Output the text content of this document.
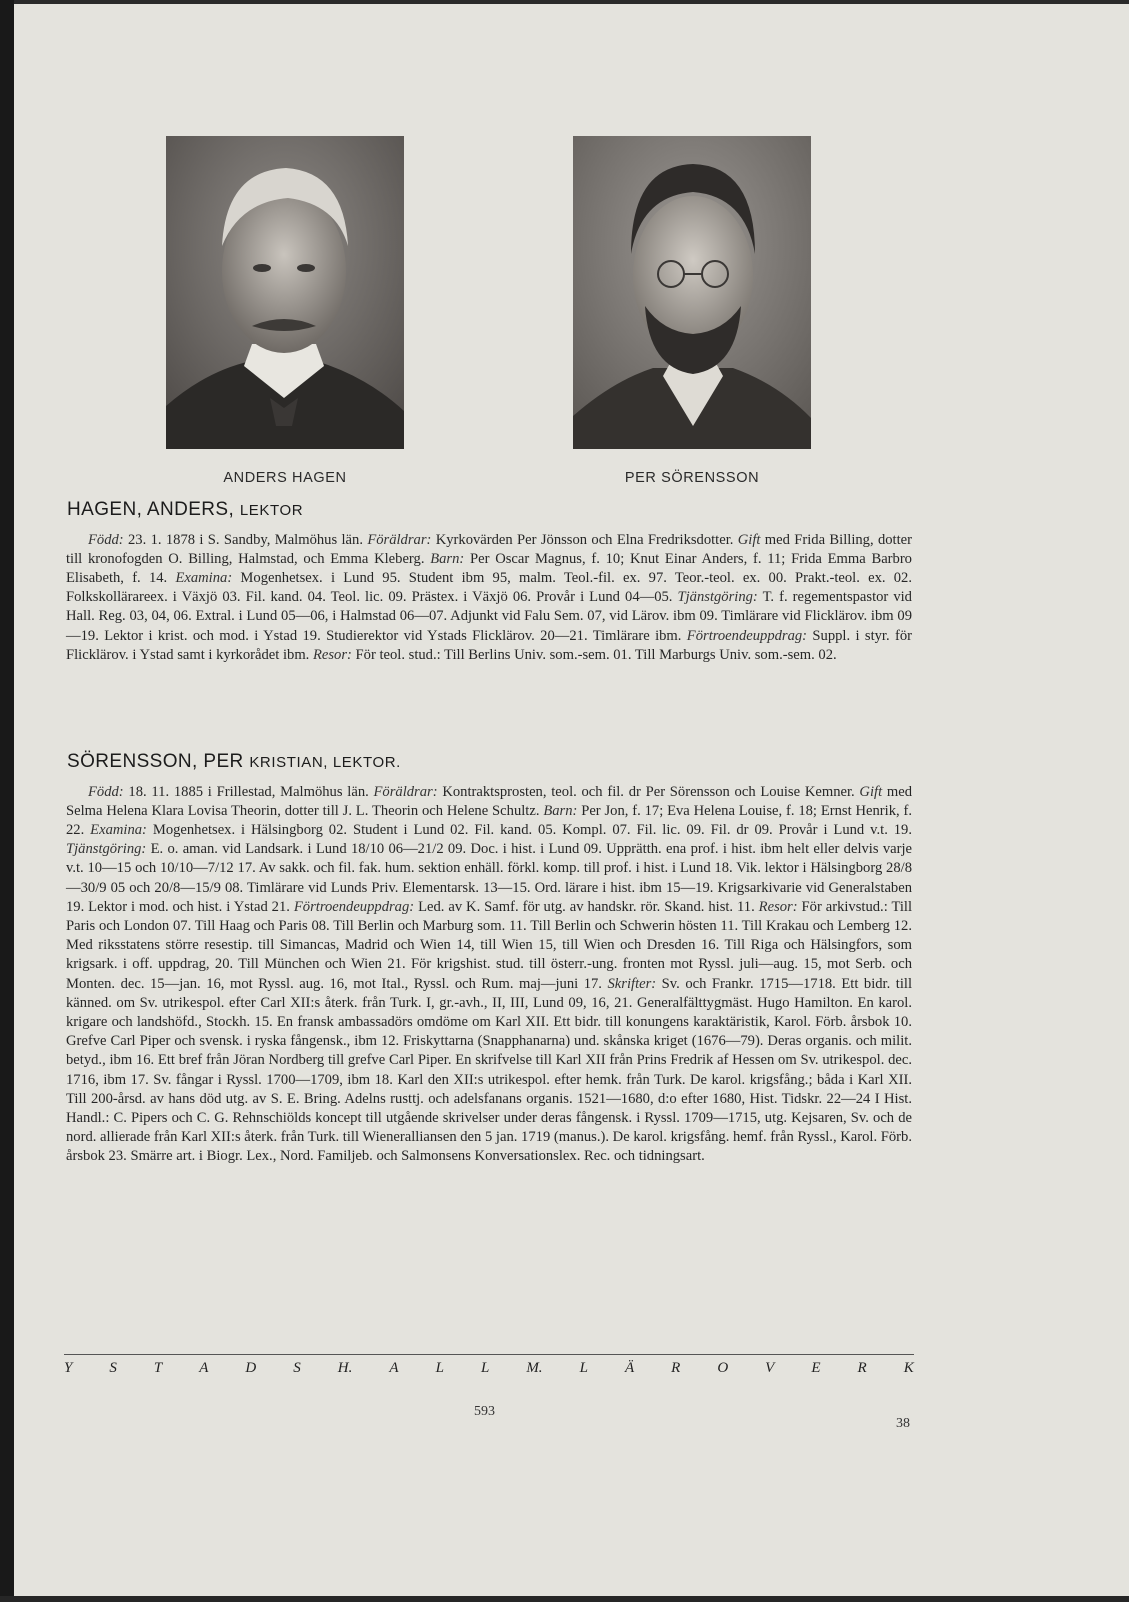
ANDERS HAGEN	PER SÖRENSSON
HAGEN, ANDERS, LEKTOR

Född: 23. 1. 1878 i S. Sandby, Malmöhus län. Föräldrar: Kyrkovärden Per Jönsson och Elna Fredriksdotter. Gift med Frida Billing, dotter till kronofogden O. Billing, Halmstad, och Emma Kleberg. Barn: Per Oscar Magnus, f. 10; Knut Einar Anders, f. 11; Frida Emma Barbro Elisabeth, f. 14. Examina: Mogenhetsex. i Lund 95. Student ibm 95, malm. Teol.-fil. ex. 97. Teor.-teol. ex. 00. Prakt.-teol. ex. 02. Folkskollärareex. i Växjö 03. Fil. kand. 04. Teol. lic. 09. Prästex. i Växjö 06. Provår i Lund 04—05. Tjänstgöring: T. f. regementspastor vid Hall. Reg. 03, 04, 06. Extral. i Lund 05—06, i Halmstad 06—07. Adjunkt vid Falu Sem. 07, vid Lärov. ibm 09. Timlärare vid Flicklärov. ibm 09—19. Lektor i krist. och mod. i Ystad 19. Studierektor vid Ystads Flicklärov. 20—21. Timlärare ibm. Förtroendeuppdrag: Suppl. i styr. för Flicklärov. i Ystad samt i kyrkorådet ibm. Resor: För teol. stud.: Till Berlins Univ. som.-sem. 01. Till Marburgs Univ. som.-sem. 02.

SÖRENSSON, PER KRISTIAN, LEKTOR.

Född: 18. 11. 1885 i Frillestad, Malmöhus län. Föräldrar: Kontraktsprosten, teol. och fil. dr Per Sörensson och Louise Kemner. Gift med Selma Helena Klara Lovisa Theorin, dotter till J. L. Theorin och Helene Schultz. Barn: Per Jon, f. 17; Eva Helena Louise, f. 18; Ernst Henrik, f. 22. Examina: Mogenhetsex. i Hälsingborg 02. Student i Lund 02. Fil. kand. 05. Kompl. 07. Fil. lic. 09. Fil. dr 09. Provår i Lund v.t. 19. Tjänstgöring: E. o. aman. vid Landsark. i Lund 18/10 06—21/2 09. Doc. i hist. i Lund 09. Upprätth. ena prof. i hist. ibm helt eller delvis varje v.t. 10—15 och 10/10—7/12 17. Av sakk. och fil. fak. hum. sektion enhäll. förkl. komp. till prof. i hist. i Lund 18. Vik. lektor i Hälsingborg 28/8—30/9 05 och 20/8—15/9 08. Timlärare vid Lunds Priv. Elementarsk. 13—15. Ord. lärare i hist. ibm 15—19. Krigsarkivarie vid Generalstaben 19. Lektor i mod. och hist. i Ystad 21. Förtroendeuppdrag: Led. av K. Samf. för utg. av handskr. rör. Skand. hist. 11. Resor: För arkivstud.: Till Paris och London 07. Till Haag och Paris 08. Till Berlin och Marburg som. 11. Till Berlin och Schwerin hösten 11. Till Krakau och Lemberg 12. Med riksstatens större resestip. till Simancas, Madrid och Wien 14, till Wien 15, till Wien och Dresden 16. Till Riga och Hälsingfors, som krigsark. i off. uppdrag, 20. Till München och Wien 21. För krigshist. stud. till österr.-ung. fronten mot Ryssl. juli—aug. 15, mot Serb. och Monten. dec. 15—jan. 16, mot Ryssl. aug. 16, mot Ital., Ryssl. och Rum. maj—juni 17. Skrifter: Sv. och Frankr. 1715—1718. Ett bidr. till känned. om Sv. utrikespol. efter Carl XII:s återk. från Turk. I, gr.-avh., II, III, Lund 09, 16, 21. Generalfälttygmäst. Hugo Hamilton. En karol. krigare och landshöfd., Stockh. 15. En fransk ambassadörs omdöme om Karl XII. Ett bidr. till konungens karaktäristik, Karol. Förb. årsbok 10. Grefve Carl Piper och svensk. i ryska fångensk., ibm 12. Friskyttarna (Snapphanarna) und. skånska kriget (1676—79). Deras organis. och milit. betyd., ibm 16. Ett bref från Jöran Nordberg till grefve Carl Piper. En skrifvelse till Karl XII från Prins Fredrik af Hessen om Sv. utrikespol. dec. 1716, ibm 17. Sv. fångar i Ryssl. 1700—1709, ibm 18. Karl den XII:s utrikespol. efter hemk. från Turk. De karol. krigsfång.; båda i Karl XII. Till 200-årsd. av hans död utg. av S. E. Bring. Adelns rusttj. och adelsfanans organis. 1521—1680, d:o efter 1680, Hist. Tidskr. 22—24 I Hist. Handl.: C. Pipers och C. G. Rehnschiölds koncept till utgående skrivelser under deras fångensk. i Ryssl. 1709—1715, utg. Kejsaren, Sv. och de nord. allierade från Karl XII:s återk. från Turk. till Wieneralliansen den 5 jan. 1719 (manus.). De karol. krigsfång. hemf. från Ryssl., Karol. Förb. årsbok 23. Smärre art. i Biogr. Lex., Nord. Familjeb. och Salmonsens Konversationslex. Rec. och tidningsart.

Y S T A D S H. A L L M. L Ä R O V E R K
593
38
